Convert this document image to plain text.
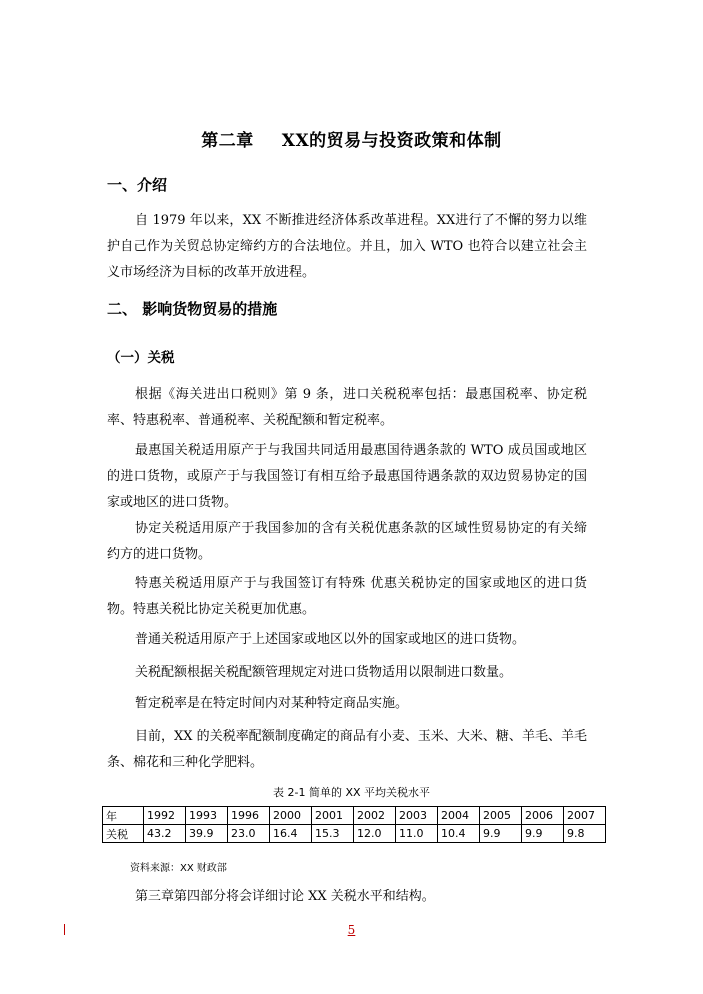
第二章 XX的贸易与投资政策和体制
一、介绍
自 1979 年以来，XX 不断推进经济体系改革进程。XX进行了不懈的努力以维护自己作为关贸总协定缔约方的合法地位。并且，加入 WTO 也符合以建立社会主义市场经济为目标的改革开放进程。
二、 影响货物贸易的措施
（一）关税
根据《海关进出口税则》第 9 条，进口关税税率包括：最惠国税率、协定税率、特惠税率、普通税率、关税配额和暂定税率。
最惠国关税适用原产于与我国共同适用最惠国待遇条款的 WTO 成员国或地区的进口货物，或原产于与我国签订有相互给予最惠国待遇条款的双边贸易协定的国家或地区的进口货物。
协定关税适用原产于我国参加的含有关税优惠条款的区域性贸易协定的有关缔约方的进口货物。
特惠关税适用原产于与我国签订有特殊 优惠关税协定的国家或地区的进口货物。特惠关税比协定关税更加优惠。
普通关税适用原产于上述国家或地区以外的国家或地区的进口货物。
关税配额根据关税配额管理规定对进口货物适用以限制进口数量。
暂定税率是在特定时间内对某种特定商品实施。
目前，XX 的关税率配额制度确定的商品有小麦、玉米、大米、糖、羊毛、羊毛条、棉花和三种化学肥料。
表 2-1 简单的 XX 平均关税水平
年	1992	1993	1996	2000	2001	2002	2003	2004	2005	2006	2007
关税	43.2	39.9	23.0	16.4	15.3	12.0	11.0	10.4	9.9	9.9	9.8
资料来源：XX 财政部
第三章第四部分将会详细讨论 XX 关税水平和结构。
5
